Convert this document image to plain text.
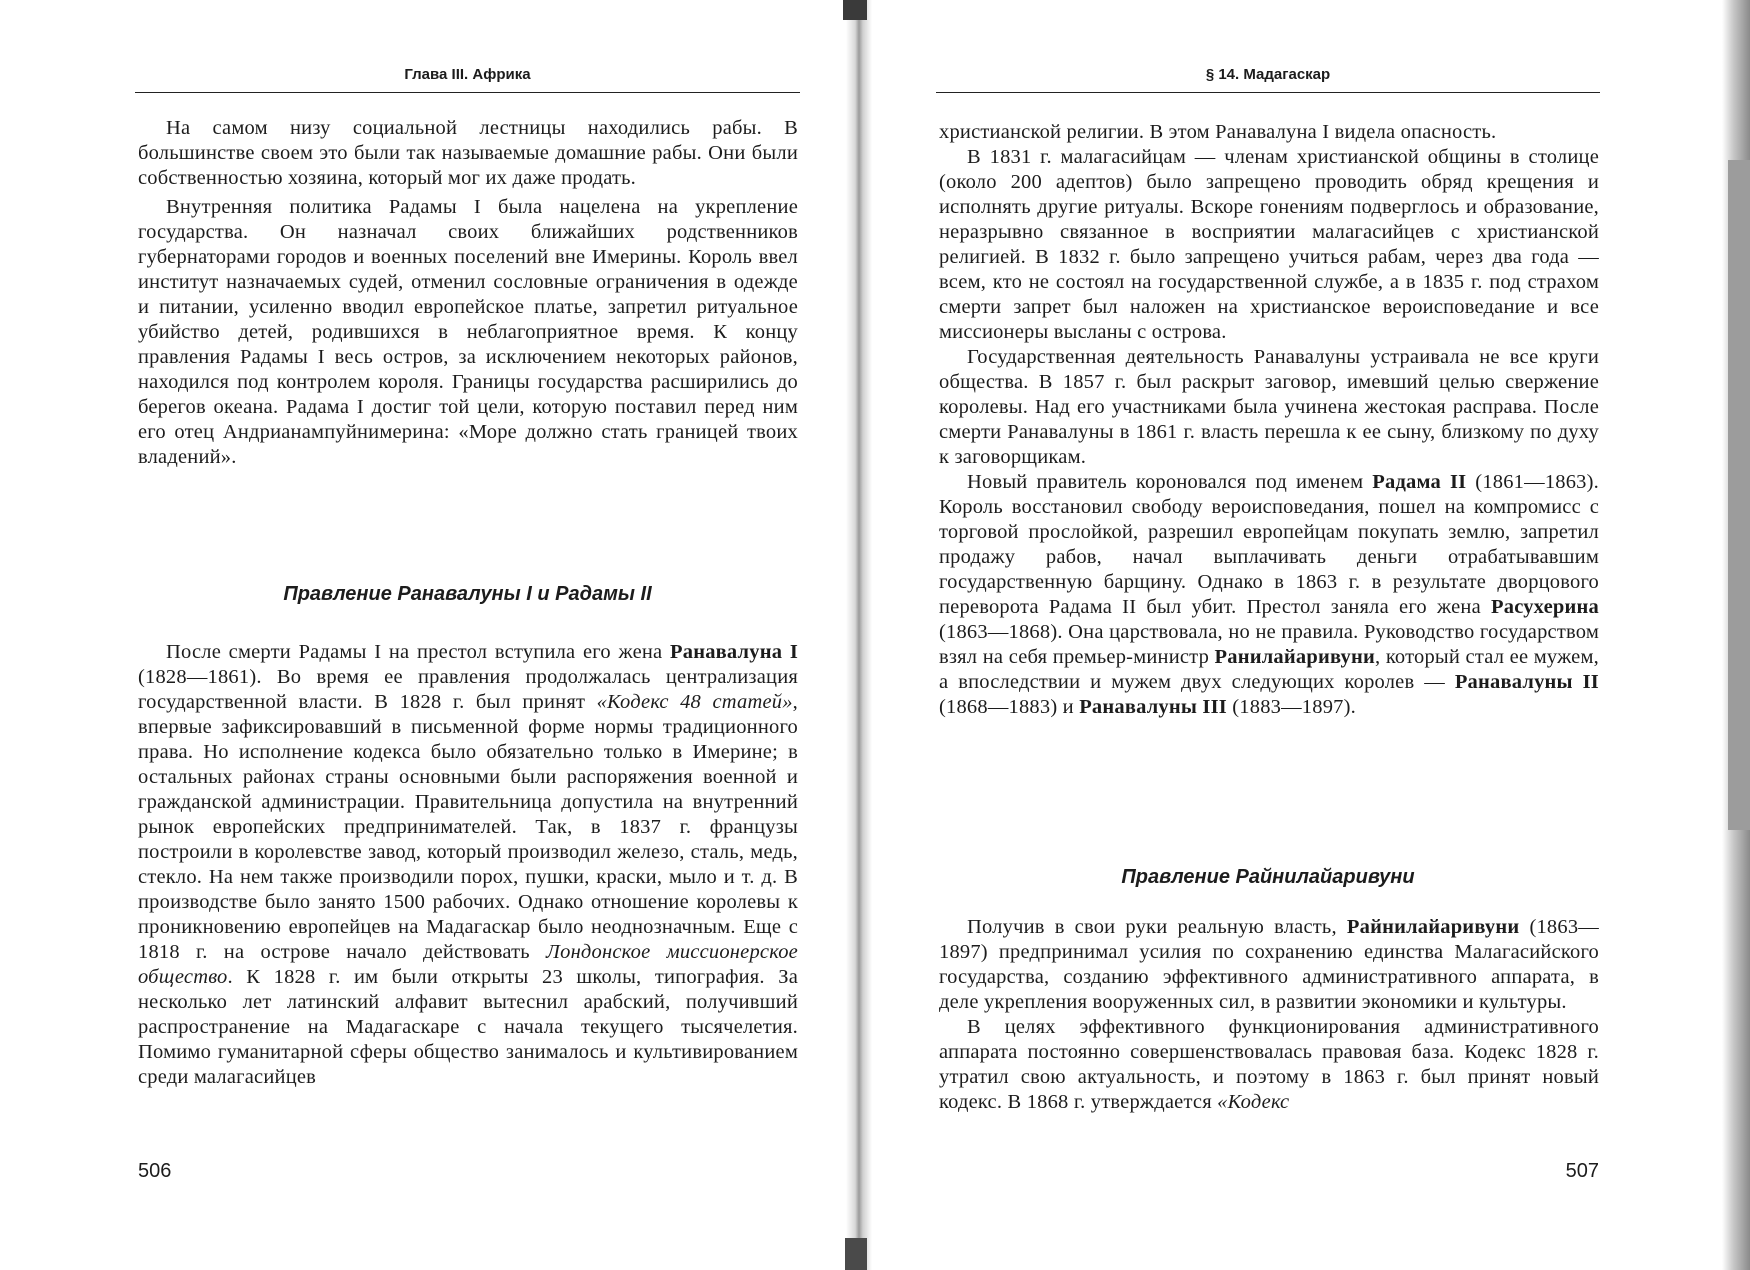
Глава III. Африка

На самом низу социальной лестницы находились рабы. В большинстве своем это были так называемые домашние рабы. Они были собственностью хозяина, который мог их даже продать.

Внутренняя политика Радамы I была нацелена на укрепление государства. Он назначал своих ближайших родственников губернаторами городов и военных поселений вне Имерины. Король ввел институт назначаемых судей, отменил сословные ограничения в одежде и питании, усиленно вводил европейское платье, запретил ритуальное убийство детей, родившихся в неблагоприятное время. К концу правления Радамы I весь остров, за исключением некоторых районов, находился под контролем короля. Границы государства расширились до берегов океана. Радама I достиг той цели, которую поставил перед ним его отец Андрианампуйнимерина: «Море должно стать границей твоих владений».

Правление Ранавалуны I и Радамы II

После смерти Радамы I на престол вступила его жена Ранавалуна I (1828—1861). Во время ее правления продолжалась централизация государственной власти. В 1828 г. был принят «Кодекс 48 статей», впервые зафиксировавший в письменной форме нормы традиционного права. Но исполнение кодекса было обязательно только в Имерине; в остальных районах страны основными были распоряжения военной и гражданской администрации. Правительница допустила на внутренний рынок европейских предпринимателей. Так, в 1837 г. французы построили в королевстве завод, который производил железо, сталь, медь, стекло. На нем также производили порох, пушки, краски, мыло и т. д. В производстве было занято 1500 рабочих. Однако отношение королевы к проникновению европейцев на Мадагаскар было неоднозначным. Еще с 1818 г. на острове начало действовать Лондонское миссионерское общество. К 1828 г. им были открыты 23 школы, типография. За несколько лет латинский алфавит вытеснил арабский, получивший распространение на Мадагаскаре с начала текущего тысячелетия. Помимо гуманитарной сферы общество занималось и культивированием среди малагасийцев

506
§ 14. Мадагаскар

христианской религии. В этом Ранавалуна I видела опасность.

В 1831 г. малагасийцам — членам христианской общины в столице (около 200 адептов) было запрещено проводить обряд крещения и исполнять другие ритуалы. Вскоре гонениям подверглось и образование, неразрывно связанное в восприятии малагасийцев с христианской религией. В 1832 г. было запрещено учиться рабам, через два года — всем, кто не состоял на государственной службе, а в 1835 г. под страхом смерти запрет был наложен на христианское вероисповедание и все миссионеры высланы с острова.

Государственная деятельность Ранавалуны устраивала не все круги общества. В 1857 г. был раскрыт заговор, имевший целью свержение королевы. Над его участниками была учинена жестокая расправа. После смерти Ранавалуны в 1861 г. власть перешла к ее сыну, близкому по духу к заговорщикам.

Новый правитель короновался под именем Радама II (1861—1863). Король восстановил свободу вероисповедания, пошел на компромисс с торговой прослойкой, разрешил европейцам покупать землю, запретил продажу рабов, начал выплачивать деньги отрабатывавшим государственную барщину. Однако в 1863 г. в результате дворцового переворота Радама II был убит. Престол заняла его жена Расухерина (1863—1868). Она царствовала, но не правила. Руководство государством взял на себя премьер-министр Ранилайаривуни, который стал ее мужем, а впоследствии и мужем двух следующих королев — Ранавалуны II (1868—1883) и Ранавалуны III (1883—1897).

Правление Райнилайаривуни

Получив в свои руки реальную власть, Райнилайаривуни (1863—1897) предпринимал усилия по сохранению единства Малагасийского государства, созданию эффективного административного аппарата, в деле укрепления вооруженных сил, в развитии экономики и культуры.

В целях эффективного функционирования административного аппарата постоянно совершенствовалась правовая база. Кодекс 1828 г. утратил свою актуальность, и поэтому в 1863 г. был принят новый кодекс. В 1868 г. утверждается «Кодекс

507
